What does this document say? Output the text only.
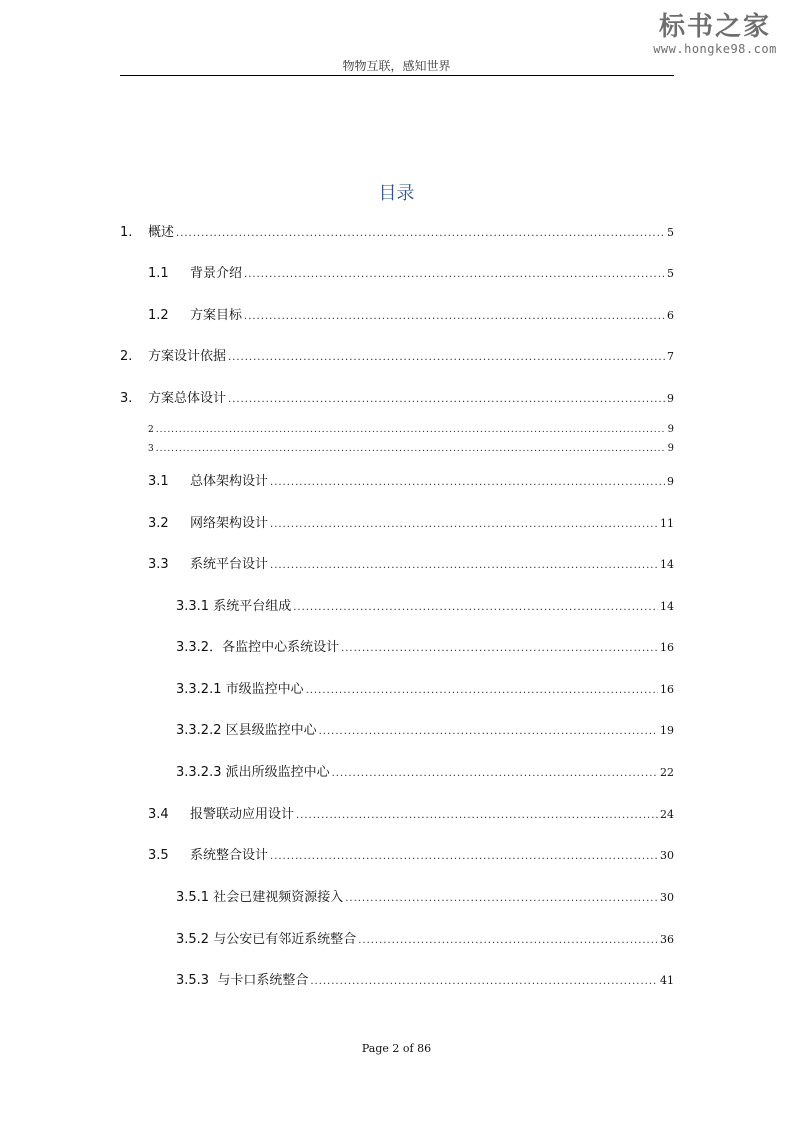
标书之家
www.hongke98.com
物物互联，感知世界
目录
1.	概述 .....	5
1.1	背景介绍 .....	5
1.2	方案目标 .....	6
2.	方案设计依据 .....	7
3.	方案总体设计 .....	9
2 .....	9
3 .....	9
3.1	总体架构设计 .....	9
3.2	网络架构设计 .....	11
3.3	系统平台设计 .....	14
3.3.1 系统平台组成 .....	14
3.3.2．各监控中心系统设计 .....	16
3.3.2.1 市级监控中心 .....	16
3.3.2.2 区县级监控中心 .....	19
3.3.2.3 派出所级监控中心 .....	22
3.4	报警联动应用设计 .....	24
3.5	系统整合设计 .....	30
3.5.1 社会已建视频资源接入 .....	30
3.5.2 与公安已有邻近系统整合 .....	36
3.5.3  与卡口系统整合 .....	41
Page 2 of 86
